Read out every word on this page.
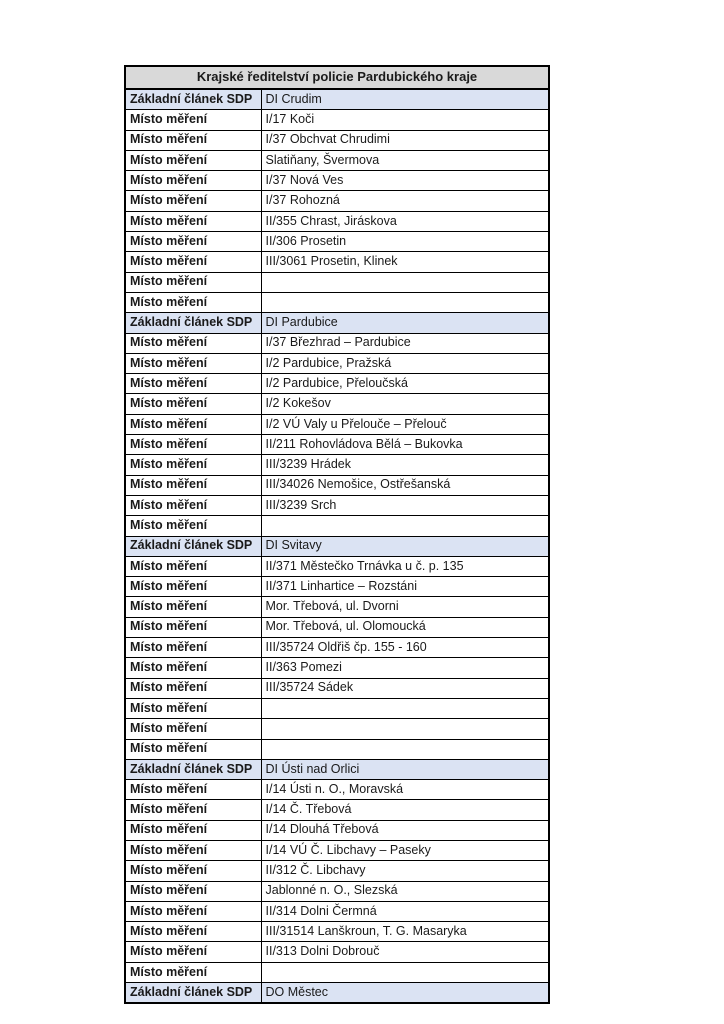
Krajské ředitelství policie Pardubického kraje	
Základní článek SDP	DI Crudim
Místo měření	I/17 Koči
Místo měření	I/37 Obchvat Chrudimi
Místo měření	Slatiňany, Švermova
Místo měření	I/37 Nová Ves
Místo měření	I/37 Rohozná
Místo měření	II/355 Chrast, Jiráskova
Místo měření	II/306 Prosetin
Místo měření	III/3061 Prosetin, Klinek
Místo měření	
Místo měření	
Základní článek SDP	DI Pardubice
Místo měření	I/37 Březhrad – Pardubice
Místo měření	I/2 Pardubice, Pražská
Místo měření	I/2 Pardubice, Přeloučská
Místo měření	I/2 Kokešov
Místo měření	I/2 VÚ Valy u Přelouče – Přelouč
Místo měření	II/211 Rohovládova Bělá – Bukovka
Místo měření	III/3239 Hrádek
Místo měření	III/34026 Nemošice, Ostřešanská
Místo měření	III/3239 Srch
Místo měření	
Základní článek SDP	DI Svitavy
Místo měření	II/371 Městečko Trnávka u č. p. 135
Místo měření	II/371 Linhartice – Rozstáni
Místo měření	Mor. Třebová, ul. Dvorni
Místo měření	Mor. Třebová, ul. Olomoucká
Místo měření	III/35724 Oldřiš čp. 155 - 160
Místo měření	II/363 Pomezi
Místo měření	III/35724 Sádek
Místo měření	
Místo měření	
Místo měření	
Základní článek SDP	DI Ústi nad Orlici
Místo měření	I/14 Ústi n. O., Moravská
Místo měření	I/14 Č. Třebová
Místo měření	I/14 Dlouhá Třebová
Místo měření	I/14 VÚ Č. Libchavy – Paseky
Místo měření	II/312 Č. Libchavy
Místo měření	Jablonné n. O., Slezská
Místo měření	II/314 Dolni Čermná
Místo měření	III/31514 Lanškroun, T. G. Masaryka
Místo měření	II/313 Dolni Dobrouč
Místo měření	
Základní článek SDP	DO Městec
